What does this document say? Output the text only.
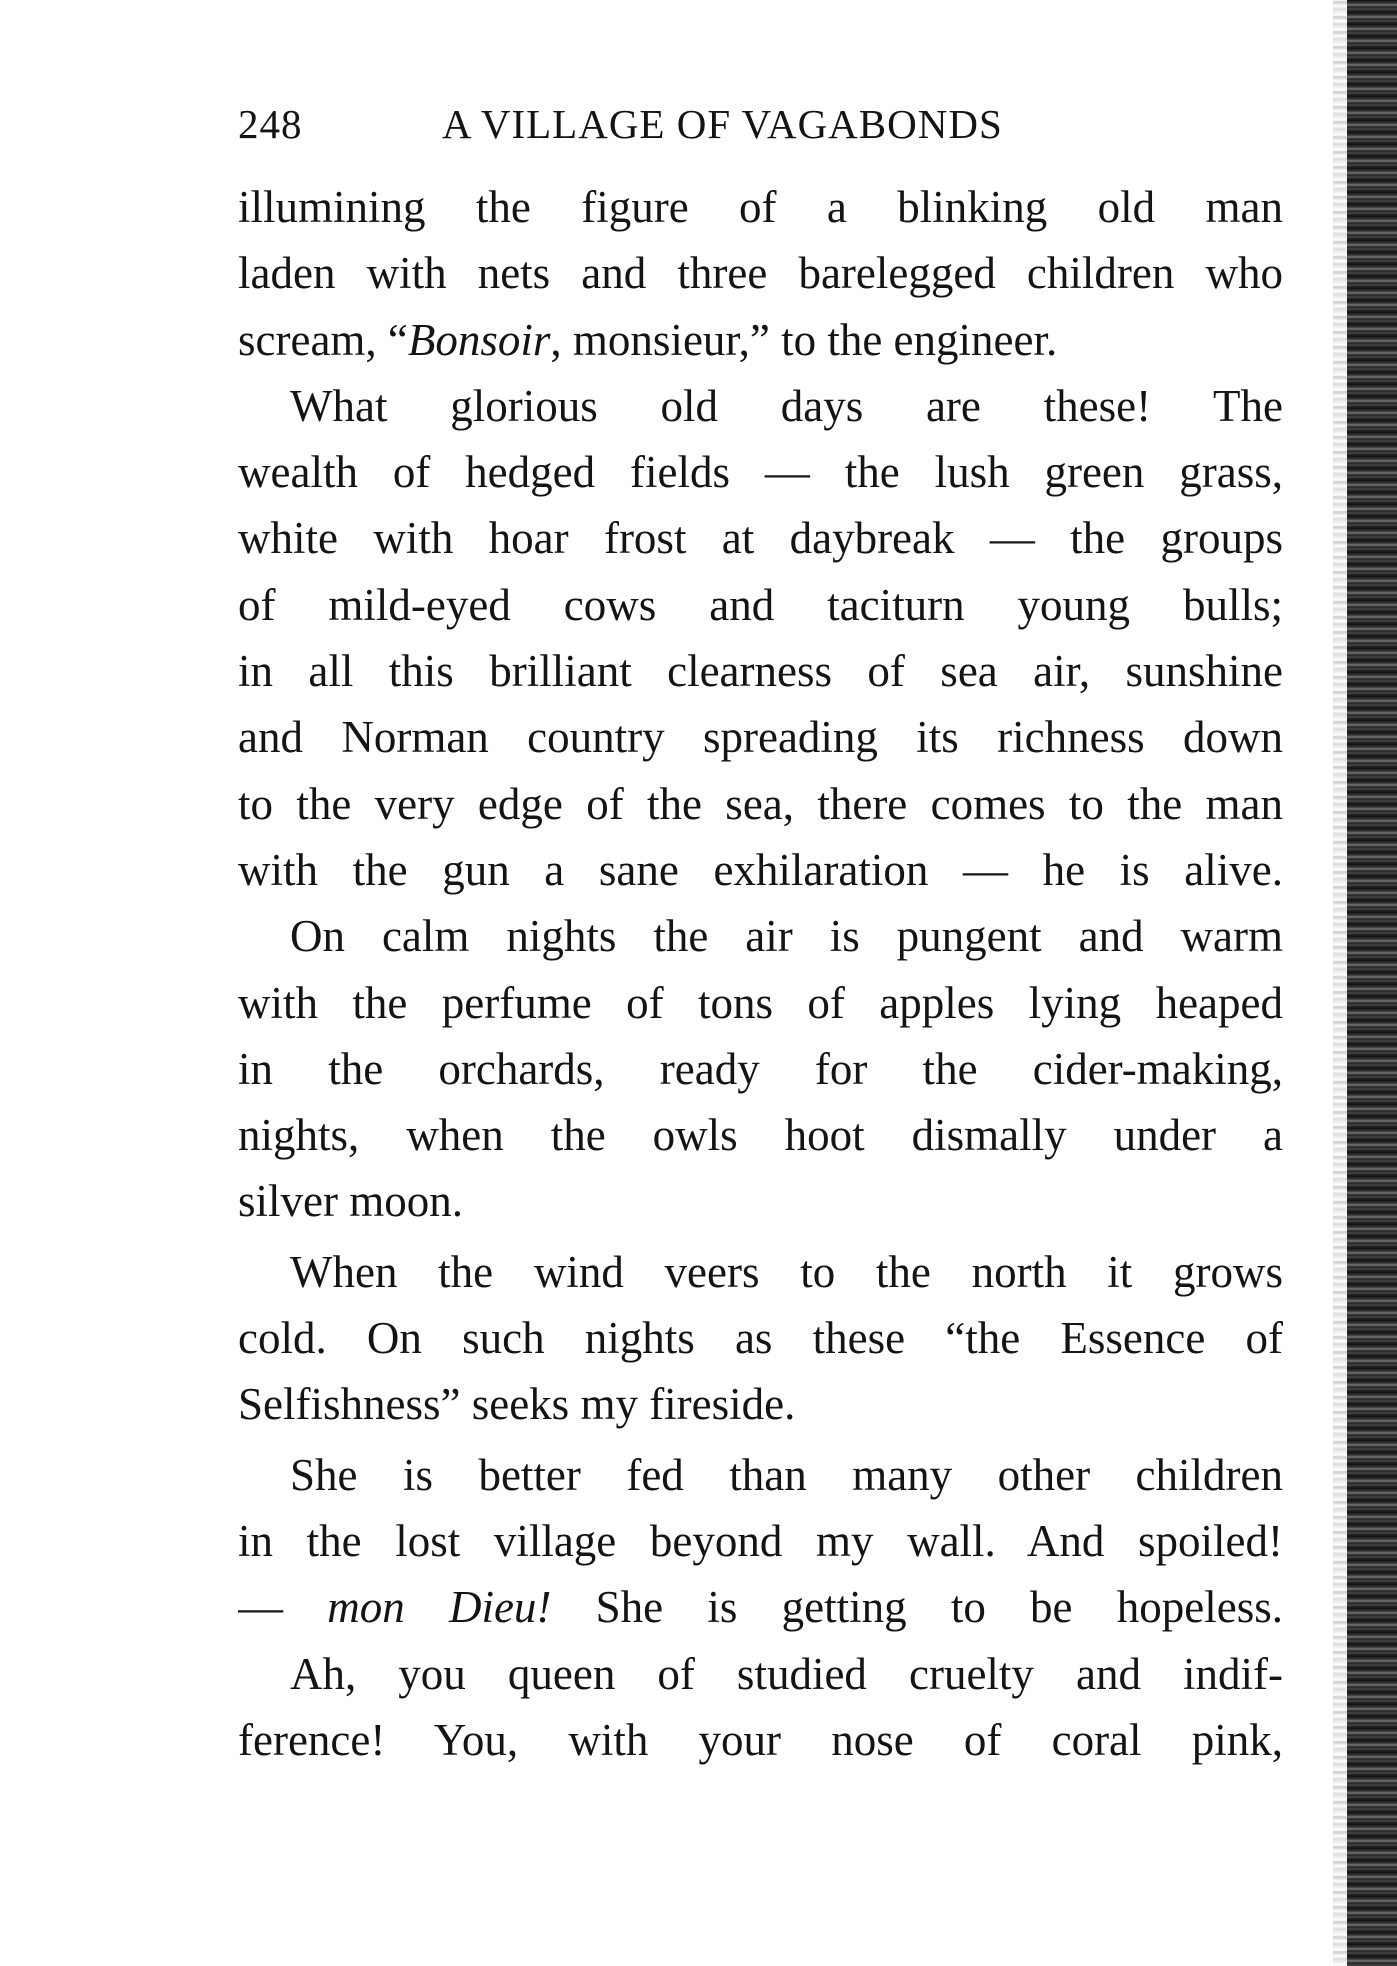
248	A VILLAGE OF VAGABONDS
illumining the figure of a blinking old man
laden with nets and three barelegged children who
scream, “Bonsoir, monsieur,” to the engineer.
What glorious old days are these! The
wealth of hedged fields — the lush green grass,
white with hoar frost at daybreak — the groups
of mild-eyed cows and taciturn young bulls;
in all this brilliant clearness of sea air, sunshine
and Norman country spreading its richness down
to the very edge of the sea, there comes to the man
with the gun a sane exhilaration — he is alive.
On calm nights the air is pungent and warm
with the perfume of tons of apples lying heaped
in the orchards, ready for the cider-making,
nights, when the owls hoot dismally under a
silver moon.
When the wind veers to the north it grows
cold. On such nights as these “the Essence of
Selfishness” seeks my fireside.
She is better fed than many other children
in the lost village beyond my wall. And spoiled!
— mon Dieu! She is getting to be hopeless.
Ah, you queen of studied cruelty and indif-
ference! You, with your nose of coral pink,
